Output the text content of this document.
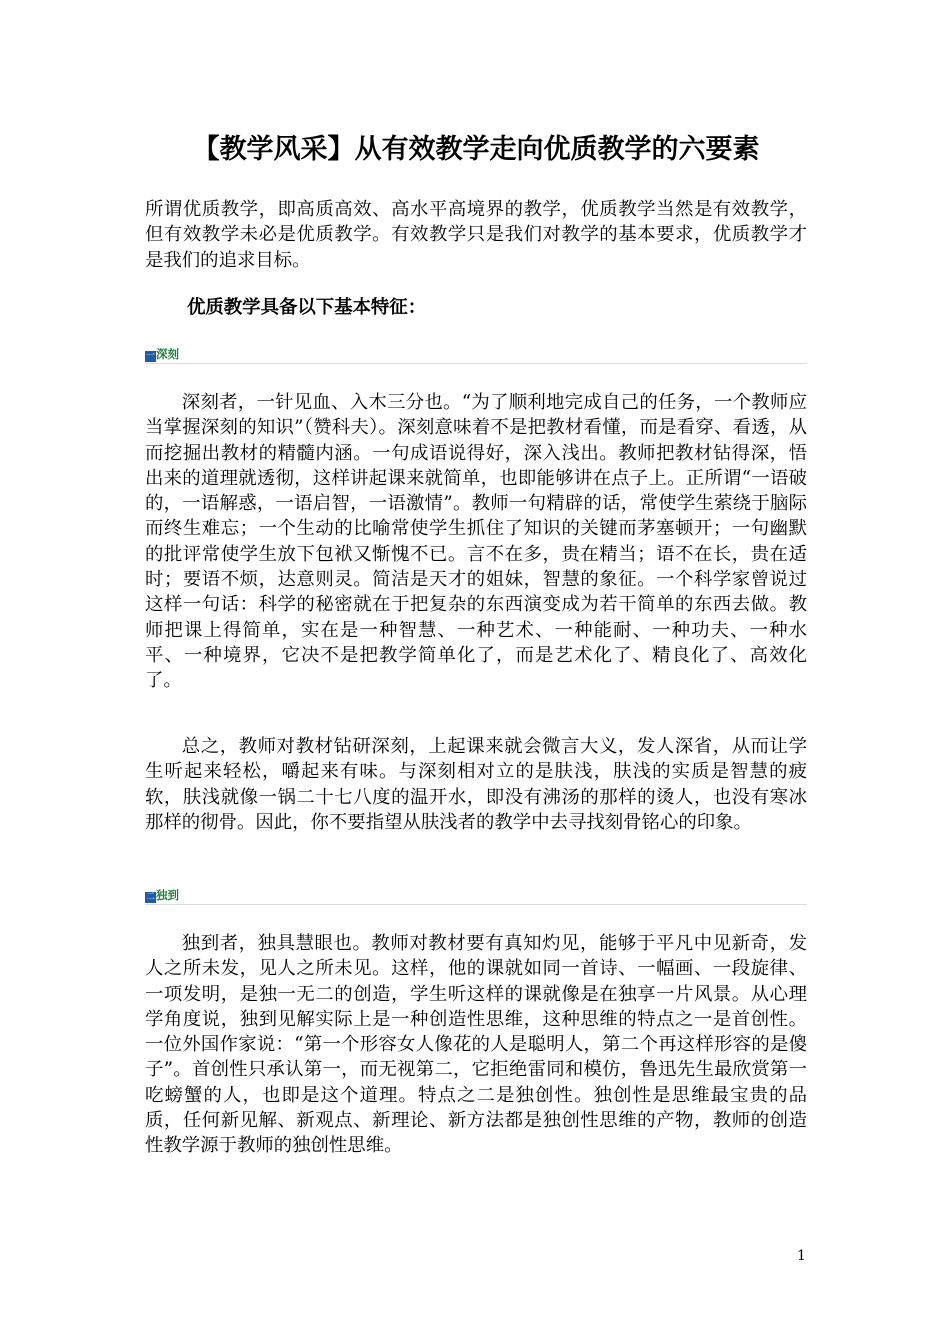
【教学风采】从有效教学走向优质教学的六要素

所谓优质教学，即高质高效、高水平高境界的教学，优质教学当然是有效教学，但有效教学未必是优质教学。有效教学只是我们对教学的基本要求，优质教学才是我们的追求目标。

优质教学具备以下基本特征：
一深刻

深刻者，一针见血、入木三分也。“为了顺利地完成自己的任务，一个教师应当掌握深刻的知识”（赞科夫）。深刻意味着不是把教材看懂，而是看穿、看透，从而挖掘出教材的精髓内涵。一句成语说得好，深入浅出。教师把教材钻得深，悟出来的道理就透彻，这样讲起课来就简单，也即能够讲在点子上。正所谓“一语破的，一语解惑，一语启智，一语激情”。教师一句精辟的话，常使学生萦绕于脑际而终生难忘；一个生动的比喻常使学生抓住了知识的关键而茅塞顿开；一句幽默的批评常使学生放下包袱又惭愧不已。言不在多，贵在精当；语不在长，贵在适时；要语不烦，达意则灵。简洁是天才的姐妹，智慧的象征。一个科学家曾说过这样一句话：科学的秘密就在于把复杂的东西演变成为若干简单的东西去做。教师把课上得简单，实在是一种智慧、一种艺术、一种能耐、一种功夫、一种水平、一种境界，它决不是把教学简单化了，而是艺术化了、精良化了、高效化了。

总之，教师对教材钻研深刻，上起课来就会微言大义，发人深省，从而让学生听起来轻松，嚼起来有味。与深刻相对立的是肤浅，肤浅的实质是智慧的疲软，肤浅就像一锅二十七八度的温开水，即没有沸汤的那样的烫人，也没有寒冰那样的彻骨。因此，你不要指望从肤浅者的教学中去寻找刻骨铭心的印象。

二独到

独到者，独具慧眼也。教师对教材要有真知灼见，能够于平凡中见新奇，发人之所未发，见人之所未见。这样，他的课就如同一首诗、一幅画、一段旋律、一项发明，是独一无二的创造，学生听这样的课就像是在独享一片风景。从心理学角度说，独到见解实际上是一种创造性思维，这种思维的特点之一是首创性。一位外国作家说：“第一个形容女人像花的人是聪明人，第二个再这样形容的是傻子”。首创性只承认第一，而无视第二，它拒绝雷同和模仿，鲁迅先生最欣赏第一吃螃蟹的人，也即是这个道理。特点之二是独创性。独创性是思维最宝贵的品质，任何新见解、新观点、新理论、新方法都是独创性思维的产物，教师的创造性教学源于教师的独创性思维。

1
